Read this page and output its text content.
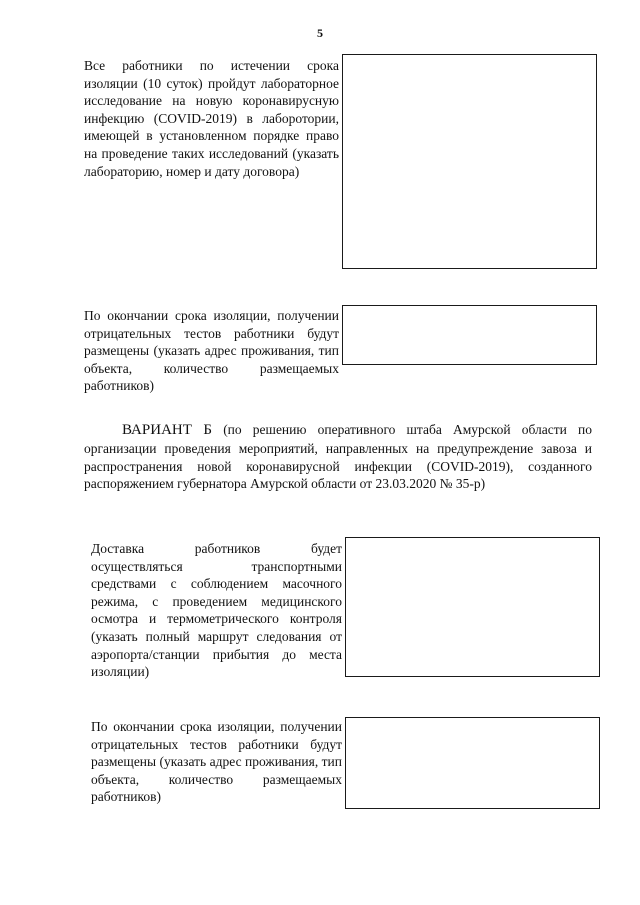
5
Все работники по истечении срока изоляции (10 суток) пройдут лабораторное исследование на новую коронавирусную инфекцию (COVID-2019) в лаборотории, имеющей в установленном порядке право на проведение таких исследований (указать лабораторию, номер и дату договора)
По окончании срока изоляции, получении отрицательных тестов работники будут размещены (указать адрес проживания, тип объекта, количество размещаемых работников)
ВАРИАНТ Б (по решению оперативного штаба Амурской области по организации проведения мероприятий, направленных на предупреждение завоза и распространения новой коронавирусной инфекции (COVID-2019), созданного распоряжением губернатора Амурской области от 23.03.2020 № 35-р)
Доставка работников будет осуществляться транспортными средствами с соблюдением масочного режима, с проведением медицинского осмотра и термометрического контроля (указать полный маршрут следования от аэропорта/станции прибытия до места изоляции)
По окончании срока изоляции, получении отрицательных тестов работники будут размещены (указать адрес проживания, тип объекта, количество размещаемых работников)
